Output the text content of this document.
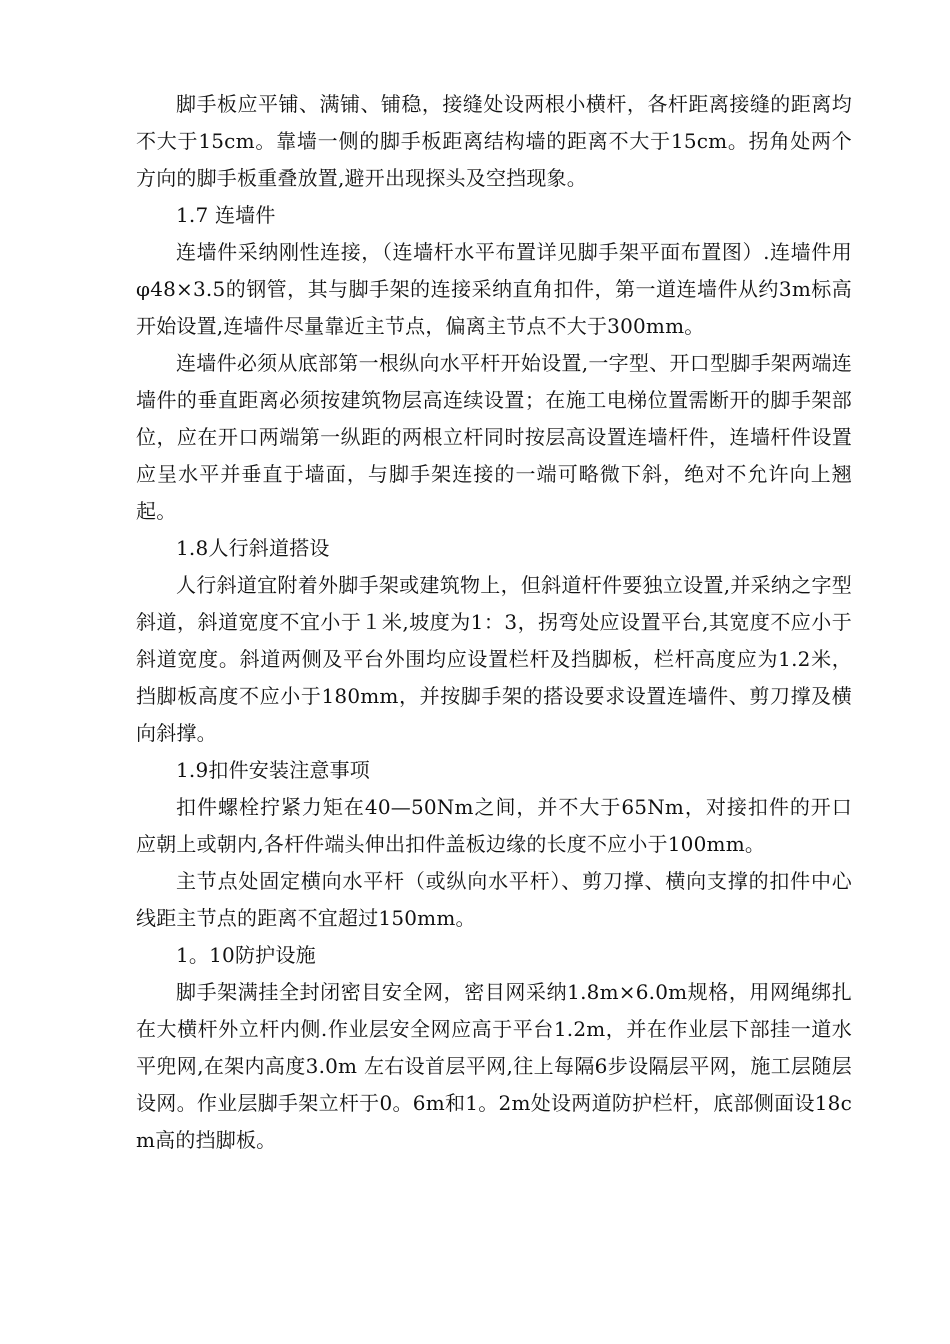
脚手板应平铺、满铺、铺稳，接缝处设两根小横杆，各杆距离接缝的距离均不大于15cm。靠墙一侧的脚手板距离结构墙的距离不大于15cm。拐角处两个方向的脚手板重叠放置,避开出现探头及空挡现象。

1.7 连墙件

连墙件采纳刚性连接，（连墙杆水平布置详见脚手架平面布置图）.连墙件用φ48×3.5的钢管，其与脚手架的连接采纳直角扣件，第一道连墙件从约3m标高开始设置,连墙件尽量靠近主节点，偏离主节点不大于300mm。

连墙件必须从底部第一根纵向水平杆开始设置,一字型、开口型脚手架两端连墙件的垂直距离必须按建筑物层高连续设置；在施工电梯位置需断开的脚手架部位，应在开口两端第一纵距的两根立杆同时按层高设置连墙杆件，连墙杆件设置应呈水平并垂直于墙面，与脚手架连接的一端可略微下斜，绝对不允许向上翘起。

1.8人行斜道搭设

人行斜道宜附着外脚手架或建筑物上，但斜道杆件要独立设置,并采纳之字型斜道，斜道宽度不宜小于１米,坡度为1：3，拐弯处应设置平台,其宽度不应小于斜道宽度。斜道两侧及平台外围均应设置栏杆及挡脚板，栏杆高度应为1.2米，挡脚板高度不应小于180mm，并按脚手架的搭设要求设置连墙件、剪刀撑及横向斜撑。

1.9扣件安装注意事项

扣件螺栓拧紧力矩在40—50Nm之间，并不大于65Nm，对接扣件的开口应朝上或朝内,各杆件端头伸出扣件盖板边缘的长度不应小于100mm。

主节点处固定横向水平杆（或纵向水平杆）、剪刀撑、横向支撑的扣件中心线距主节点的距离不宜超过150mm。

1。10防护设施

脚手架满挂全封闭密目安全网，密目网采纳1.8m×6.0m规格，用网绳绑扎在大横杆外立杆内侧.作业层安全网应高于平台1.2m，并在作业层下部挂一道水平兜网,在架内高度3.0m 左右设首层平网,往上每隔6步设隔层平网，施工层随层设网。作业层脚手架立杆于0。6m和1。2m处设两道防护栏杆，底部侧面设18cm高的挡脚板。
